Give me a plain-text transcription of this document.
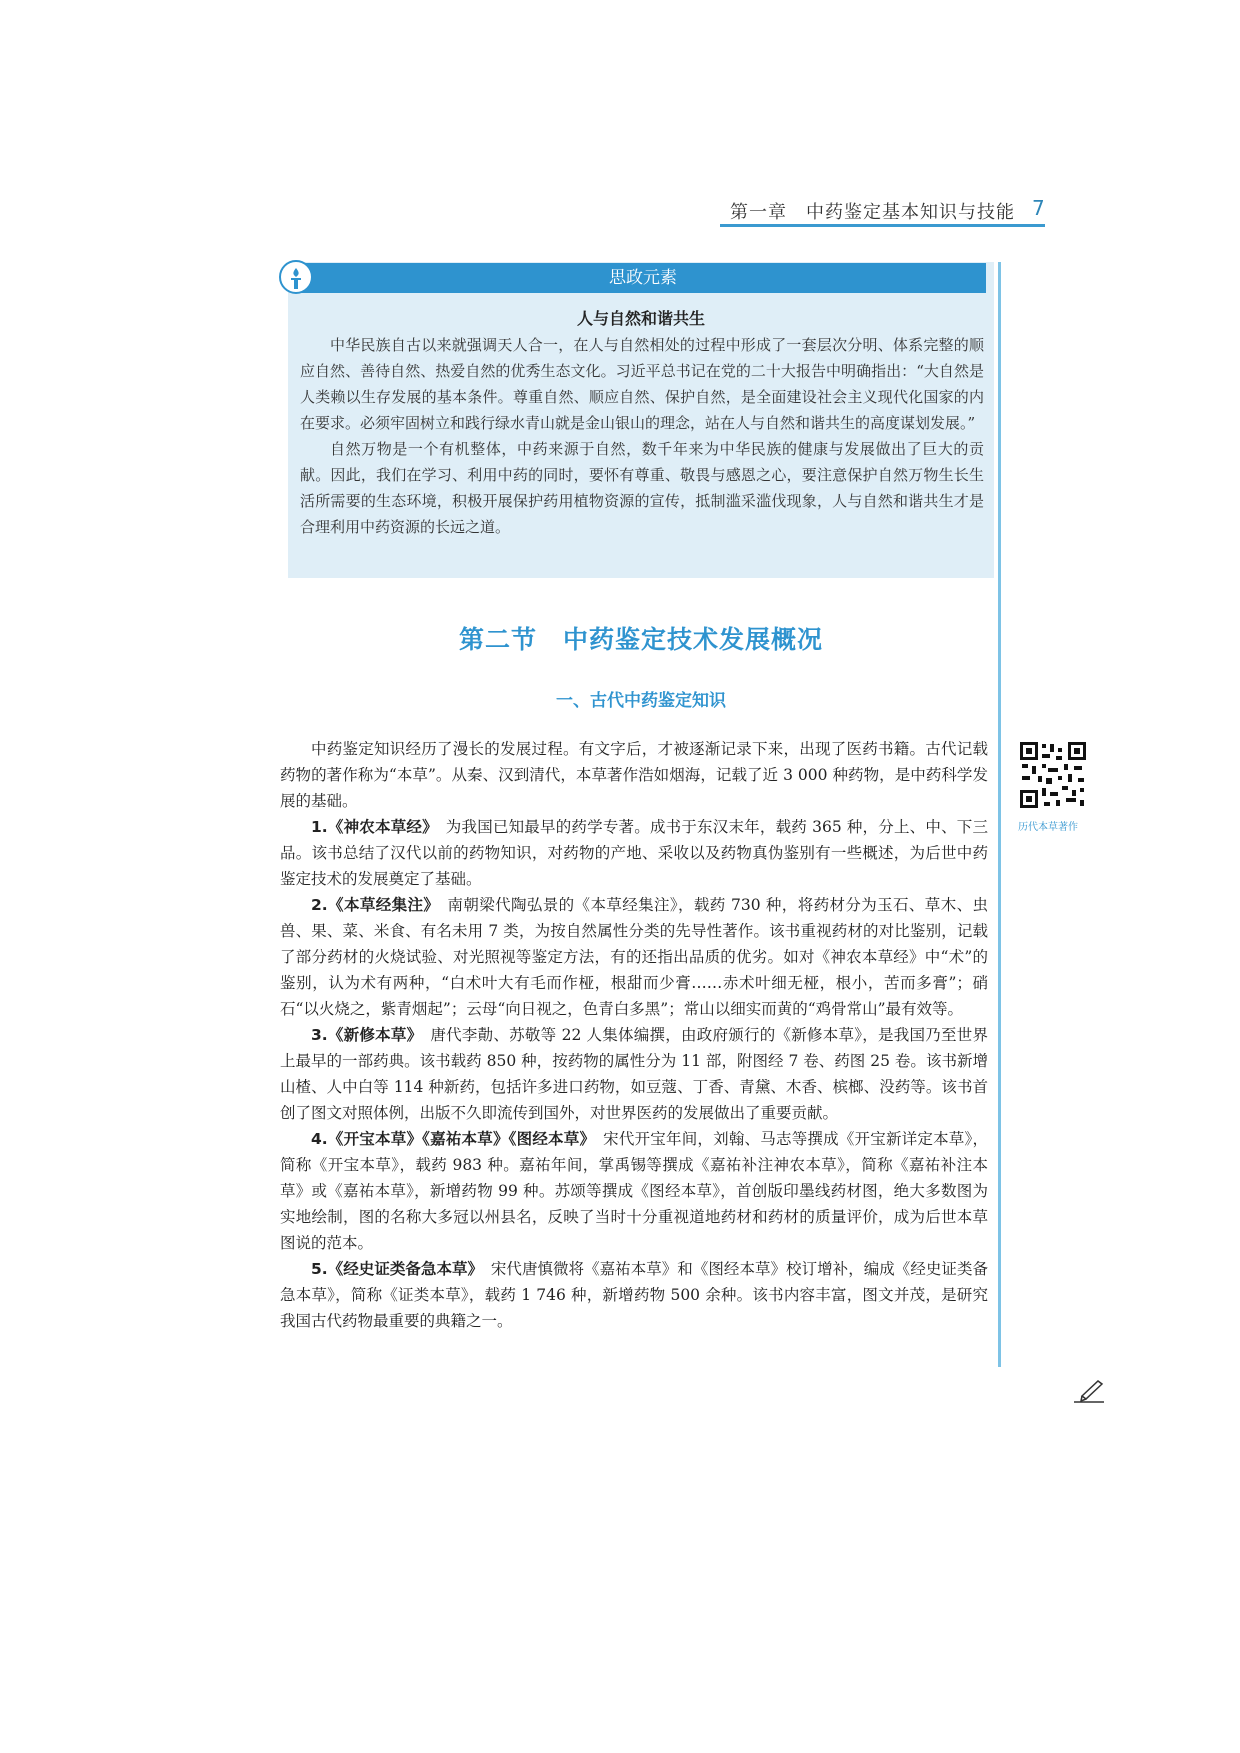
第一章　中药鉴定基本知识与技能 7
思政元素
人与自然和谐共生

中华民族自古以来就强调天人合一，在人与自然相处的过程中形成了一套层次分明、体系完整的顺应自然、善待自然、热爱自然的优秀生态文化。习近平总书记在党的二十大报告中明确指出：“大自然是人类赖以生存发展的基本条件。尊重自然、顺应自然、保护自然，是全面建设社会主义现代化国家的内在要求。必须牢固树立和践行绿水青山就是金山银山的理念，站在人与自然和谐共生的高度谋划发展。”

自然万物是一个有机整体，中药来源于自然，数千年来为中华民族的健康与发展做出了巨大的贡献。因此，我们在学习、利用中药的同时，要怀有尊重、敬畏与感恩之心，要注意保护自然万物生长生活所需要的生态环境，积极开展保护药用植物资源的宣传，抵制滥采滥伐现象，人与自然和谐共生才是合理利用中药资源的长远之道。

第二节　中药鉴定技术发展概况
一、古代中药鉴定知识

中药鉴定知识经历了漫长的发展过程。有文字后，才被逐渐记录下来，出现了医药书籍。古代记载药物的著作称为“本草”。从秦、汉到清代，本草著作浩如烟海，记载了近 3 000 种药物，是中药科学发展的基础。

1.《神农本草经》　 为我国已知最早的药学专著。成书于东汉末年，载药 365 种，分上、中、下三品。该书总结了汉代以前的药物知识，对药物的产地、采收以及药物真伪鉴别有一些概述，为后世中药鉴定技术的发展奠定了基础。

2.《本草经集注》　 南朝梁代陶弘景的《本草经集注》，载药 730 种，将药材分为玉石、草木、虫兽、果、菜、米食、有名未用 7 类，为按自然属性分类的先导性著作。该书重视药材的对比鉴别，记载了部分药材的火烧试验、对光照视等鉴定方法，有的还指出品质的优劣。如对《神农本草经》中“术”的鉴别，认为术有两种，“白术叶大有毛而作桠，根甜而少膏……赤术叶细无桠，根小，苦而多膏”；硝石“以火烧之，紫青烟起”；云母“向日视之，色青白多黑”；常山以细实而黄的“鸡骨常山”最有效等。

3.《新修本草》　 唐代李勣、苏敬等 22 人集体编撰，由政府颁行的《新修本草》，是我国乃至世界上最早的一部药典。该书载药 850 种，按药物的属性分为 11 部，附图经 7 卷、药图 25 卷。该书新增山楂、人中白等 114 种新药，包括许多进口药物，如豆蔻、丁香、青黛、木香、槟榔、没药等。该书首创了图文对照体例，出版不久即流传到国外，对世界医药的发展做出了重要贡献。

4.《开宝本草》《嘉祐本草》《图经本草》　 宋代开宝年间，刘翰、马志等撰成《开宝新详定本草》，简称《开宝本草》，载药 983 种。嘉祐年间，掌禹锡等撰成《嘉祐补注神农本草》，简称《嘉祐补注本草》或《嘉祐本草》，新增药物 99 种。苏颂等撰成《图经本草》，首创版印墨线药材图，绝大多数图为实地绘制，图的名称大多冠以州县名，反映了当时十分重视道地药材和药材的质量评价，成为后世本草图说的范本。

5.《经史证类备急本草》　 宋代唐慎微将《嘉祐本草》和《图经本草》校订增补，编成《经史证类备急本草》，简称《证类本草》，载药 1 746 种，新增药物 500 余种。该书内容丰富，图文并茂，是研究我国古代药物最重要的典籍之一。

历代本草著作
